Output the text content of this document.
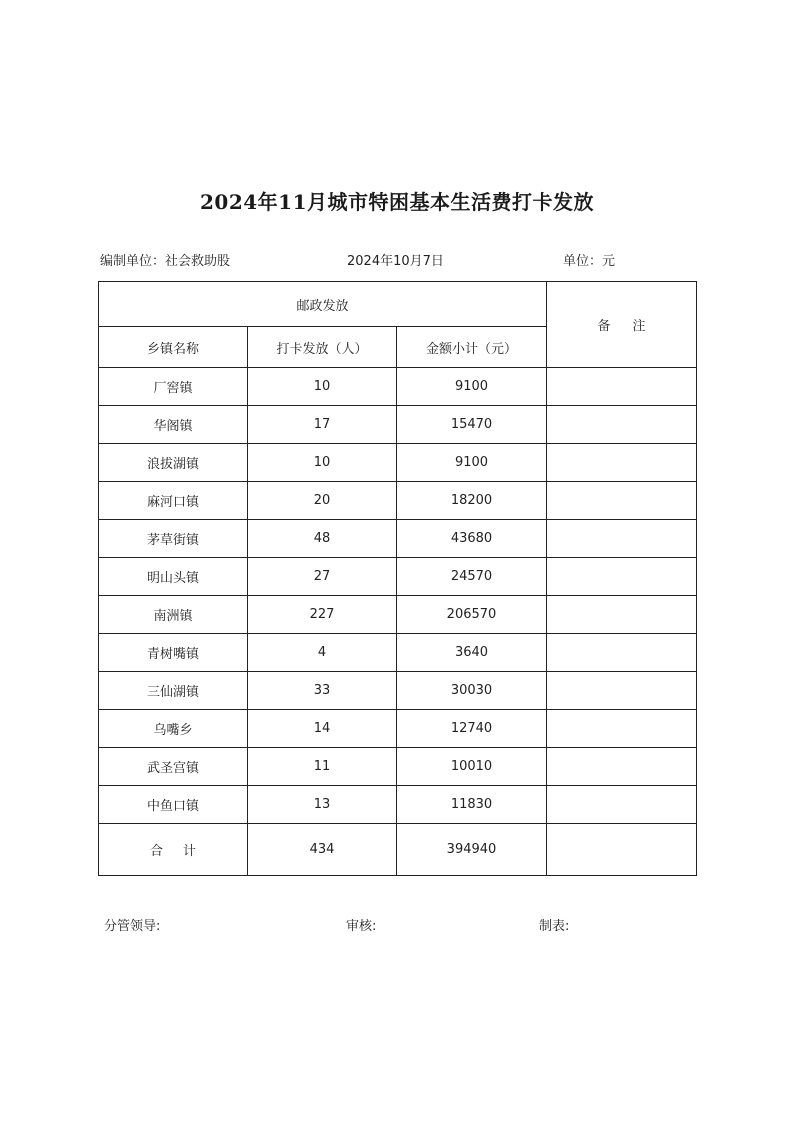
2024年11月城市特困基本生活费打卡发放
编制单位：社会救助股	2024年10月7日	单位：元
邮政发放			备注
乡镇名称	打卡发放（人）	金额小计（元）	
厂窖镇	10	9100	
华阁镇	17	15470	
浪拔湖镇	10	9100	
麻河口镇	20	18200	
茅草街镇	48	43680	
明山头镇	27	24570	
南洲镇	227	206570	
青树嘴镇	4	3640	
三仙湖镇	33	30030	
乌嘴乡	14	12740	
武圣宫镇	11	10010	
中鱼口镇	13	11830	
合计	434	394940	
分管领导:	审核:	制表:
